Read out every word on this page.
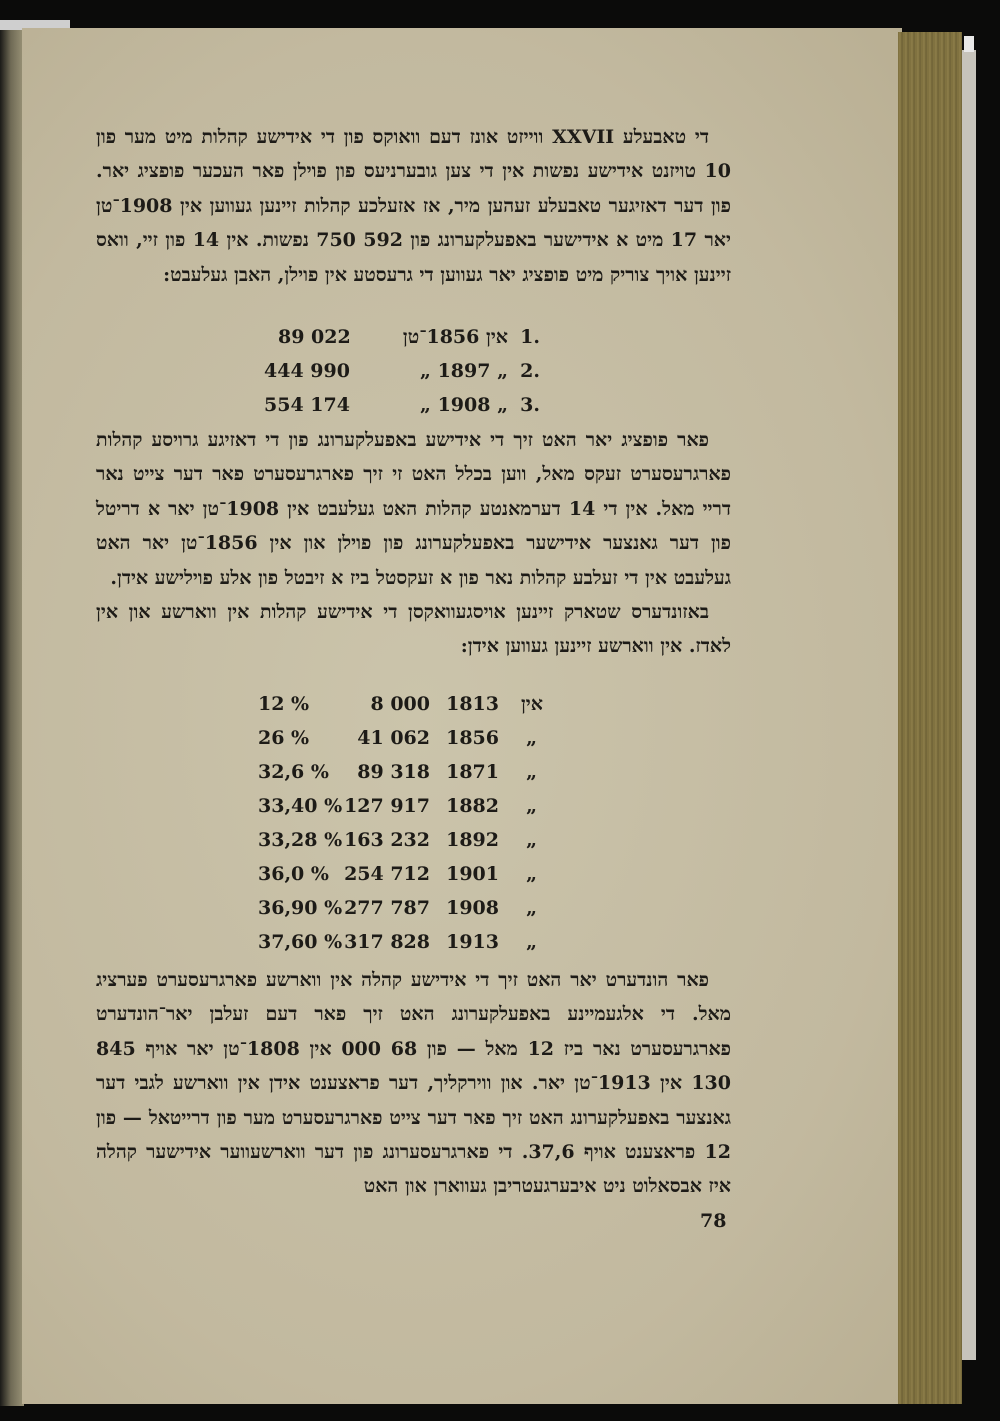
די טאבעלע XXVII ווייזט אונז דעם וואוקס פון די אידישע קהלות מיט מער פון 10 טויזנט אידישע נפשות אין די צען גובערניעס פון פוילן פאר העכער פופציג יאר. פון דער דאזיגער טאבעלע זעהען מיר, אז אזעלכע קהלות זיינען געווען אין 1908־טן יאר 17 מיט א אידישער באפעלקערונג פון 592 750 נפשות. אין 14 פון זיי, וואס זיינען אויך צוריק מיט פופציג יאר געווען די גרעסטע אין פוילן, האבן געלעבט:

1.
אין 1856־טן
89 022
2.
„ 1897 „
444 990
3.
„ 1908 „
554 174

פאר פופציג יאר האט זיך די אידישע באפעלקערונג פון די דאזיגע גרויסע קהלות פארגרעסערט זעקס מאל, ווען בכלל האט זי זיך פארגרעסערט פאר דער צייט נאר דריי מאל. אין די 14 דערמאנטע קהלות האט געלעבט אין 1908־טן יאר א דריטל פון דער גאנצער אידישער באפעלקערונג פון פוילן און אין 1856־טן יאר האט געלעבט אין די זעלבע קהלות נאר פון א זעקסטל ביז א זיבטל פון אלע פוילישע אידן.

באזונדערס שטארק זיינען אויסגעוואקסן די אידישע קהלות אין ווארשע און אין לאדז. אין ווארשע זיינען געווען אידן:

אין
1813
8 000
12 %
„
1856
41 062
26 %
„
1871
89 318
32,6 %
„
1882
127 917
33,40 %
„
1892
163 232
33,28 %
„
1901
254 712
36,0 %
„
1908
277 787
36,90 %
„
1913
317 828
37,60 %

פאר הונדערט יאר האט זיך די אידישע קהלה אין ווארשע פארגרעסערט פערציג מאל. די אלגעמיינע באפעלקערונג האט זיך פאר דעם זעלבן יאר־הונדערט פארגרעסערט נאר ביז 12 מאל — פון 68 000 אין 1808־טן יאר אויף 845 130 אין 1913־טן יאר. און ווירקליך, דער פראצענט אידן אין ווארשע לגבי דער גאנצער באפעלקערונג האט זיך פאר דער צייט פארגרעסערט מער פון דרייטאל — פון 12 פראצענט אויף 37,6. די פארגרעסערונג פון דער ווארשעווער אידישער קהלה איז אבסאלוט ניט איבערגעטריבן געווארן און האט

78
